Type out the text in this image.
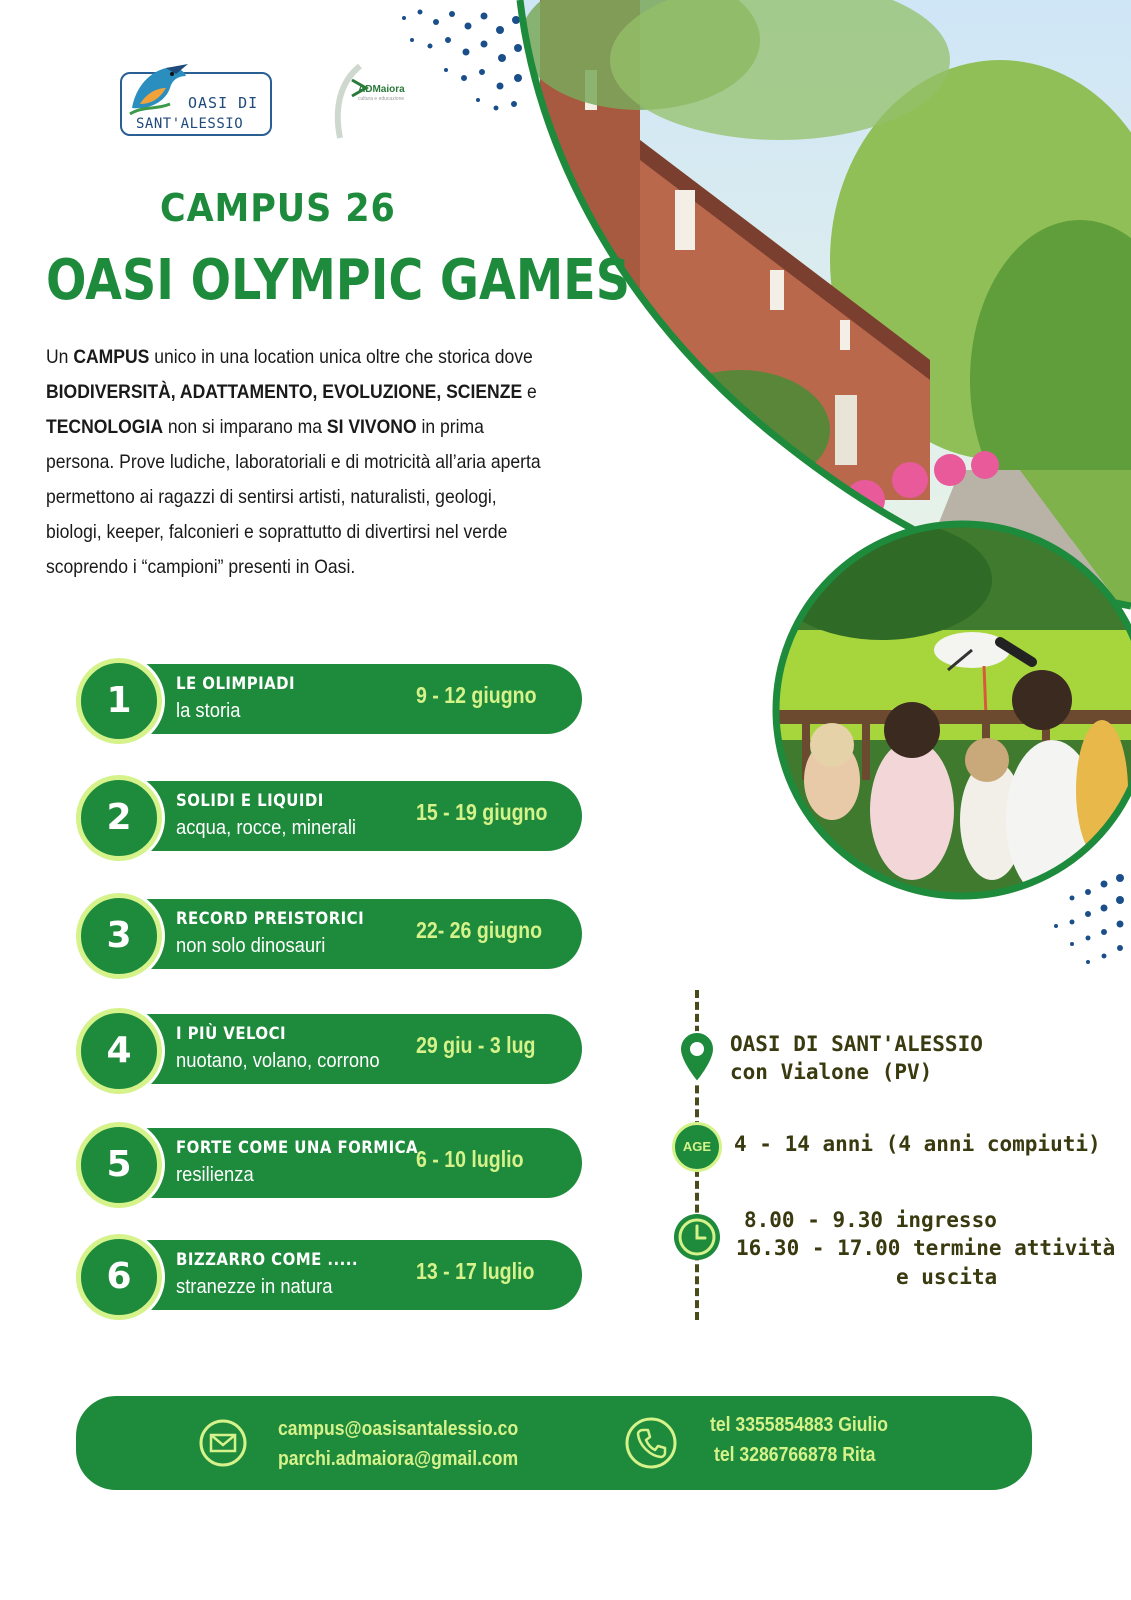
OASI DI
SANT'ALESSIO
ADMaiora
cultura e educazione
CAMPUS 26
OASI OLYMPIC GAMES
Un CAMPUS unico in una location unica oltre che storica dove BIODIVERSITÀ, ADATTAMENTO, EVOLUZIONE, SCIENZE e TECNOLOGIA non si imparano ma SI VIVONO in prima persona. Prove ludiche, laboratoriali e di motricità all’aria aperta permettono ai ragazzi di sentirsi artisti, naturalisti, geologi, biologi, keeper, falconieri e soprattutto di divertirsi nel verde scoprendo i “campioni” presenti in Oasi.
1	LE OLIMPIADI
la storia
9 - 12 giugno
2	SOLIDI E LIQUIDI
acqua, rocce, minerali
15 - 19 giugno
3	RECORD PREISTORICI
non solo dinosauri
22- 26 giugno
4	I PIÙ VELOCI
nuotano, volano, corrono
29 giu - 3 lug
5	FORTE COME UNA FORMICA
resilienza
6 - 10 luglio
6	BIZZARRO COME .....
stranezze in natura
13 - 17 luglio
OASI DI SANT'ALESSIO
con Vialone (PV)
AGE	4 - 14 anni (4 anni compiuti)
8.00 - 9.30 ingresso
16.30 - 17.00 termine attività
e uscita
campus@oasisantalessio.co
parchi.admaiora@gmail.com
tel 3355854883 Giulio
tel 3286766878 Rita
